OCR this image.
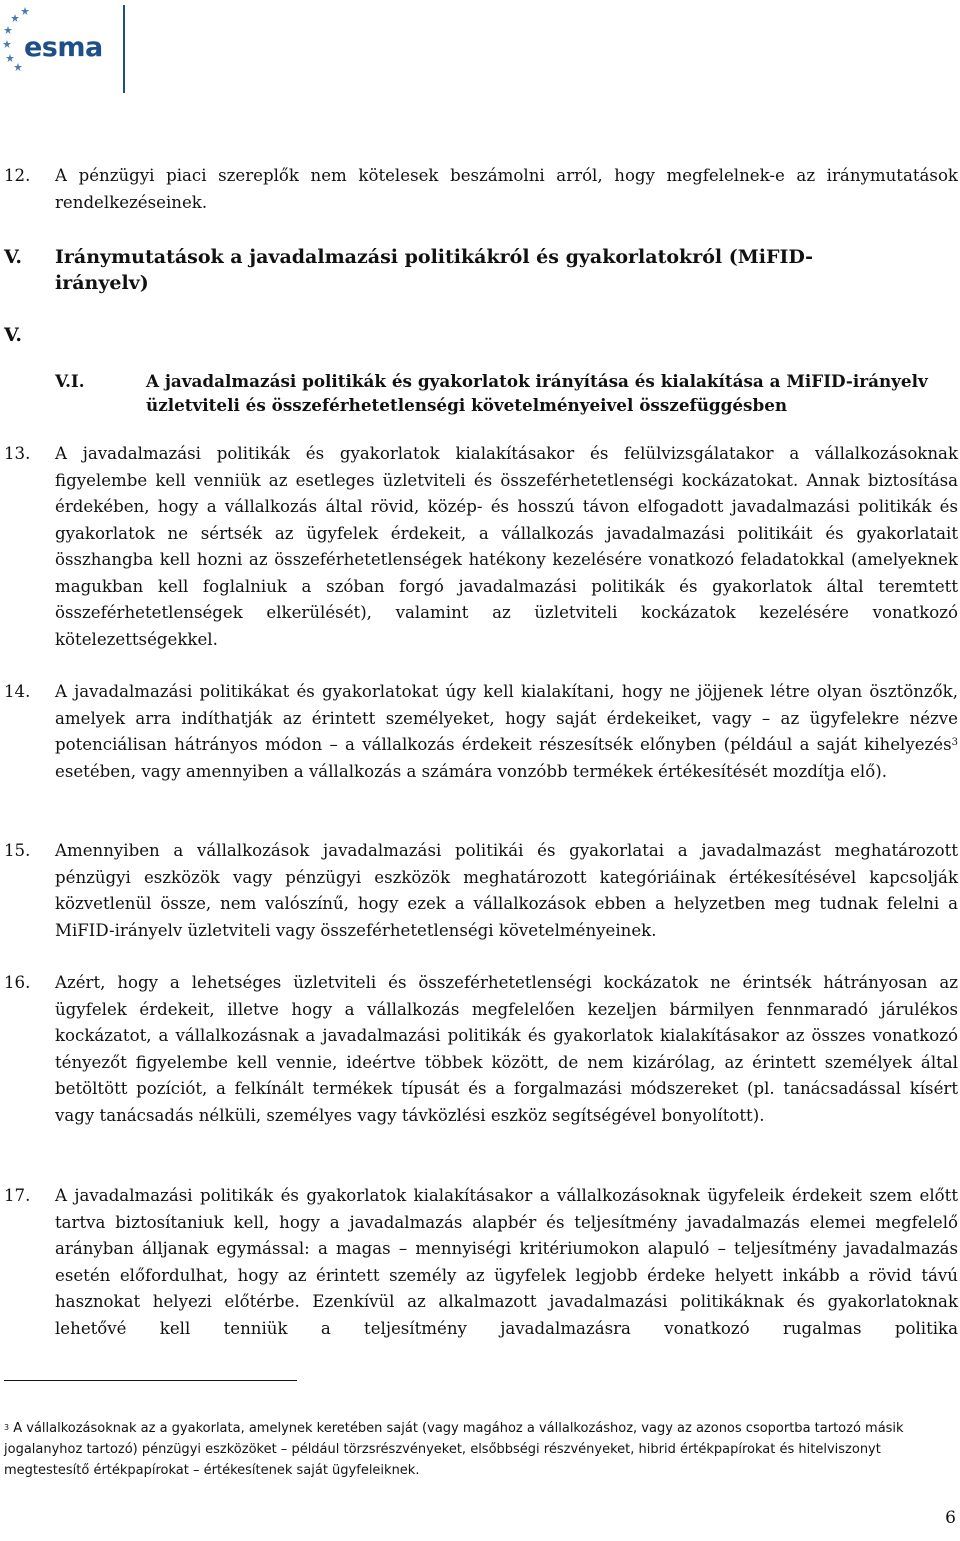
esma
12. A pénzügyi piaci szereplők nem kötelesek beszámolni arról, hogy megfelelnek-e az iránymutatások rendelkezéseinek.
V. Iránymutatások a javadalmazási politikákról és gyakorlatokról (MiFID-irányelv)
V.
V.I.	A javadalmazási politikák és gyakorlatok irányítása és kialakítása a MiFID-irányelv üzletviteli és összeférhetetlenségi követelményeivel összefüggésben
13. A javadalmazási politikák és gyakorlatok kialakításakor és felülvizsgálatakor a vállalkozásoknak figyelembe kell venniük az esetleges üzletviteli és összeférhetetlenségi kockázatokat. Annak biztosítása érdekében, hogy a vállalkozás által rövid, közép- és hosszú távon elfogadott javadalmazási politikák és gyakorlatok ne sértsék az ügyfelek érdekeit, a vállalkozás javadalmazási politikáit és gyakorlatait összhangba kell hozni az összeférhetetlenségek hatékony kezelésére vonatkozó feladatokkal (amelyeknek magukban kell foglalniuk a szóban forgó javadalmazási politikák és gyakorlatok által teremtett összeférhetetlenségek elkerülését), valamint az üzletviteli kockázatok kezelésére vonatkozó kötelezettségekkel.
14. A javadalmazási politikákat és gyakorlatokat úgy kell kialakítani, hogy ne jöjjenek létre olyan ösztönzők, amelyek arra indíthatják az érintett személyeket, hogy saját érdekeiket, vagy – az ügyfelekre nézve potenciálisan hátrányos módon – a vállalkozás érdekeit részesítsék előnyben (például a saját kihelyezés$^3$ esetében, vagy amennyiben a vállalkozás a számára vonzóbb termékek értékesítését mozdítja elő).
15. Amennyiben a vállalkozások javadalmazási politikái és gyakorlatai a javadalmazást meghatározott pénzügyi eszközök vagy pénzügyi eszközök meghatározott kategóriáinak értékesítésével kapcsolják közvetlenül össze, nem valószínű, hogy ezek a vállalkozások ebben a helyzetben meg tudnak felelni a MiFID-irányelv üzletviteli vagy összeférhetetlenségi követelményeinek.
16. Azért, hogy a lehetséges üzletviteli és összeférhetetlenségi kockázatok ne érintsék hátrányosan az ügyfelek érdekeit, illetve hogy a vállalkozás megfelelően kezeljen bármilyen fennmaradó járulékos kockázatot, a vállalkozásnak a javadalmazási politikák és gyakorlatok kialakításakor az összes vonatkozó tényezőt figyelembe kell vennie, ideértve többek között, de nem kizárólag, az érintett személyek által betöltött pozíciót, a felkínált termékek típusát és a forgalmazási módszereket (pl. tanácsadással kísért vagy tanácsadás nélküli, személyes vagy távközlési eszköz segítségével bonyolított).
17. A javadalmazási politikák és gyakorlatok kialakításakor a vállalkozásoknak ügyfeleik érdekeit szem előtt tartva biztosítaniuk kell, hogy a javadalmazás alapbér és teljesítmény javadalmazás elemei megfelelő arányban álljanak egymással: a magas – mennyiségi kritériumokon alapuló – teljesítmény javadalmazás esetén előfordulhat, hogy az érintett személy az ügyfelek legjobb érdeke helyett inkább a rövid távú hasznokat helyezi előtérbe. Ezenkívül az alkalmazott javadalmazási politikáknak és gyakorlatoknak lehetővé kell tenniük a teljesítmény javadalmazásra vonatkozó rugalmas politika
$^3$ A vállalkozásoknak az a gyakorlata, amelynek keretében saját (vagy magához a vállalkozáshoz, vagy az azonos csoportba tartozó másik jogalanyhoz tartozó) pénzügyi eszközöket – például törzsrészvényeket, elsőbbségi részvényeket, hibrid értékpapírokat és hitelviszonyt megtestesítő értékpapírokat – értékesítenek saját ügyfeleiknek.
6
